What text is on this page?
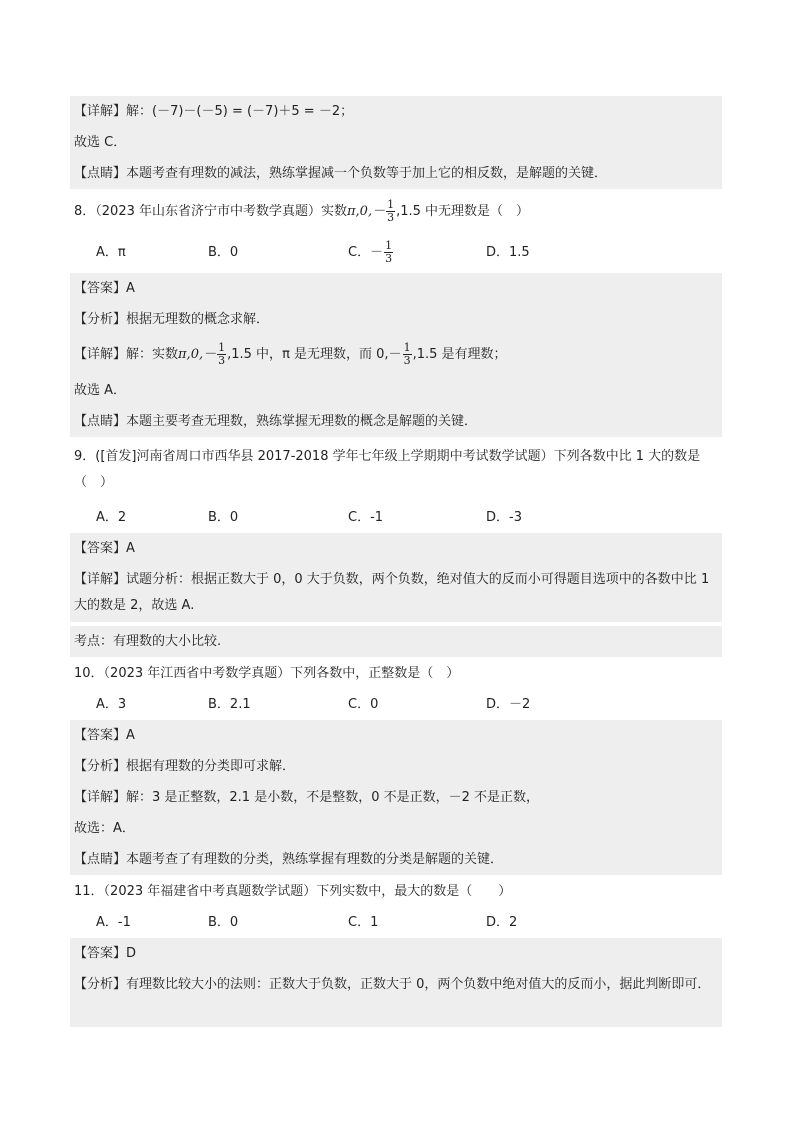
【详解】解：(－7)－(－5) = (－7)＋5 = －2；
故选 C．
【点睛】本题考查有理数的减法，熟练掌握减一个负数等于加上它的相反数，是解题的关键．
8．（2023 年山东省济宁市中考数学真题）实数$\pi,0,- \frac{1}{3} ,1.5$ 中无理数是（　）
A．π	B．0	C．－ $\frac{1}{3}$	D．1.5
【答案】A
【分析】根据无理数的概念求解．
【详解】解：实数$\pi,0,- \frac{1}{3} ,1.5$ 中，π 是无理数，而 $0,- \frac{1}{3} ,1.5$ 是有理数；
故选 A．
【点睛】本题主要考查无理数，熟练掌握无理数的概念是解题的关键．
9．([首发]河南省周口市西华县 2017-2018 学年七年级上学期期中考试数学试题）下列各数中比 1 大的数是（　）
A．2	B．0	C．-1	D．-3
【答案】A
【详解】试题分析：根据正数大于 0，0 大于负数，两个负数，绝对值大的反而小可得题目选项中的各数中比 1 大的数是 2，故选 A.
考点：有理数的大小比较.
10．（2023 年江西省中考数学真题）下列各数中，正整数是（　）
A．3	B．2.1	C．0	D．－2
【答案】A
【分析】根据有理数的分类即可求解．
【详解】解：3 是正整数，2.1 是小数，不是整数，0 不是正数，－2 不是正数，
故选：A．
【点睛】本题考查了有理数的分类，熟练掌握有理数的分类是解题的关键．
11．（2023 年福建省中考真题数学试题）下列实数中，最大的数是（　　）
A．-1	B．0	C．1	D．2
【答案】D
【分析】有理数比较大小的法则：正数大于负数，正数大于 0，两个负数中绝对值大的反而小，据此判断即可．
